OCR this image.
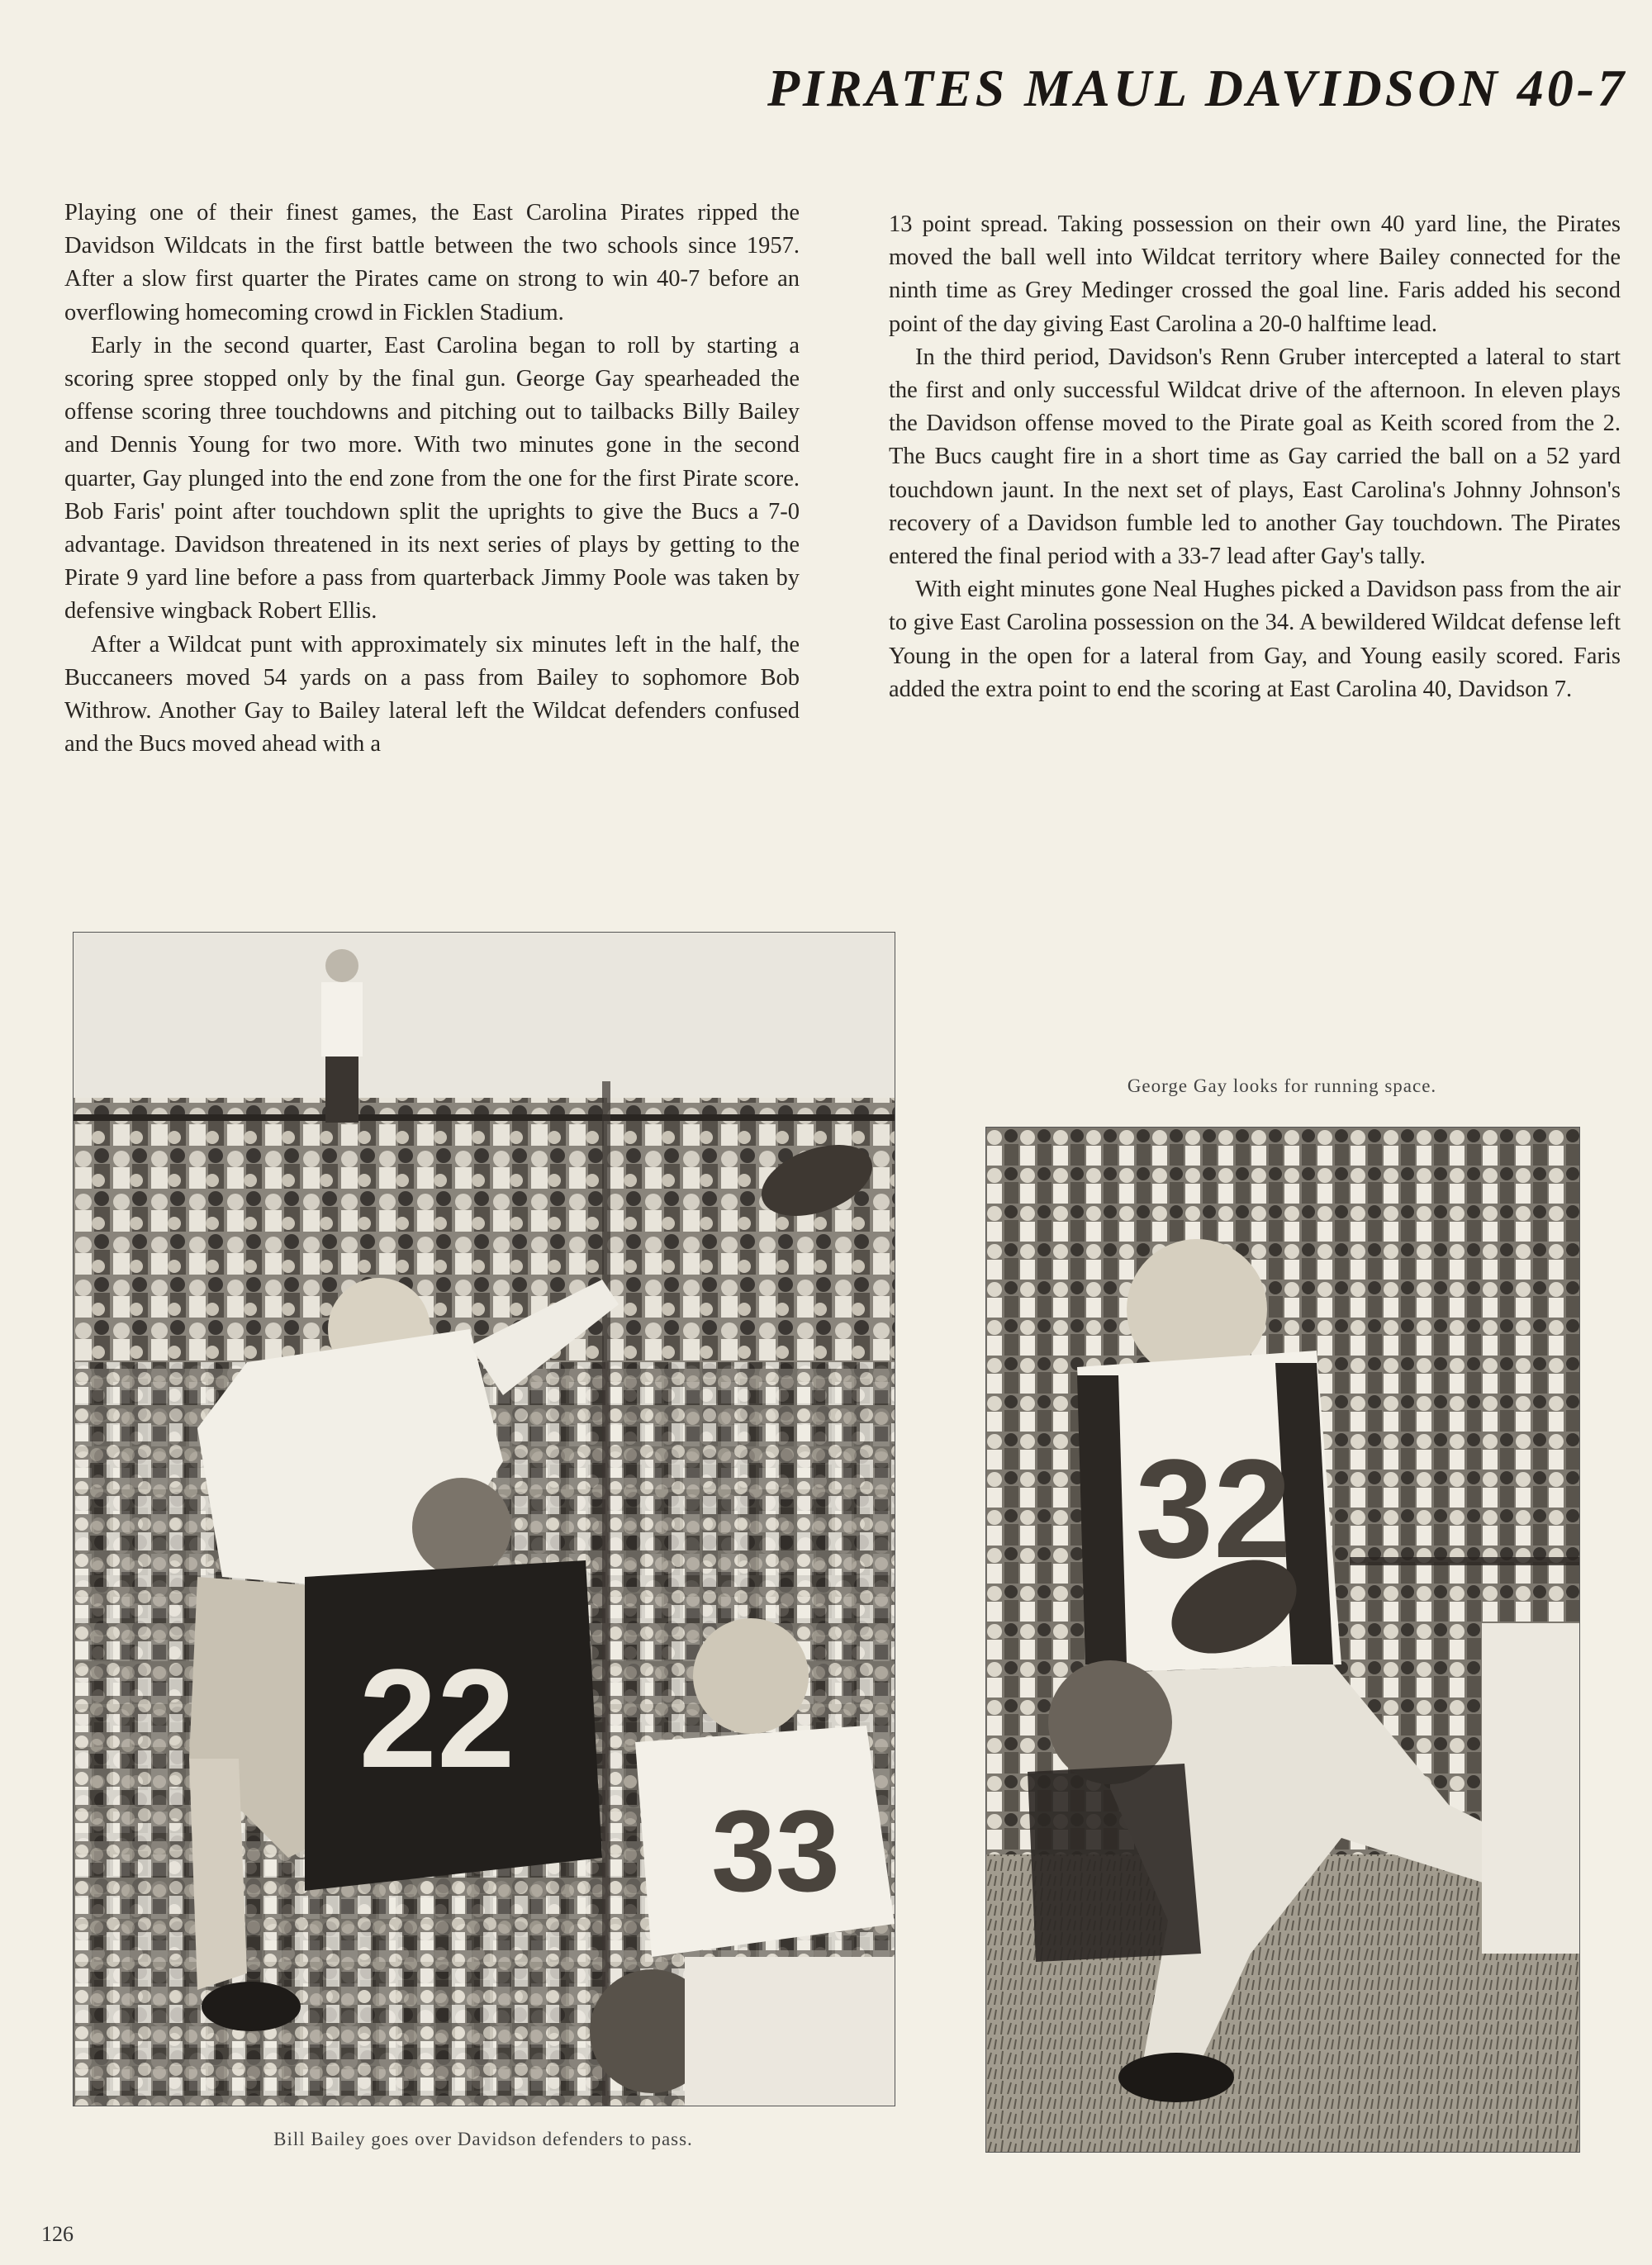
PIRATES MAUL DAVIDSON 40-7

Playing one of their finest games, the East Carolina Pirates ripped the Davidson Wildcats in the first battle between the two schools since 1957. After a slow first quarter the Pirates came on strong to win 40-7 before an overflowing homecoming crowd in Ficklen Stadium.

Early in the second quarter, East Carolina began to roll by starting a scoring spree stopped only by the final gun. George Gay spearheaded the offense scoring three touchdowns and pitching out to tailbacks Billy Bailey and Dennis Young for two more. With two minutes gone in the second quarter, Gay plunged into the end zone from the one for the first Pirate score. Bob Faris' point after touchdown split the uprights to give the Bucs a 7-0 advantage. Davidson threatened in its next series of plays by getting to the Pirate 9 yard line before a pass from quarterback Jimmy Poole was taken by defensive wingback Robert Ellis.

After a Wildcat punt with approximately six minutes left in the half, the Buccaneers moved 54 yards on a pass from Bailey to sophomore Bob Withrow. Another Gay to Bailey lateral left the Wildcat defenders confused and the Bucs moved ahead with a

13 point spread. Taking possession on their own 40 yard line, the Pirates moved the ball well into Wildcat territory where Bailey connected for the ninth time as Grey Medinger crossed the goal line. Faris added his second point of the day giving East Carolina a 20-0 halftime lead.

In the third period, Davidson's Renn Gruber intercepted a lateral to start the first and only successful Wildcat drive of the afternoon. In eleven plays the Davidson offense moved to the Pirate goal as Keith scored from the 2. The Bucs caught fire in a short time as Gay carried the ball on a 52 yard touchdown jaunt. In the next set of plays, East Carolina's Johnny Johnson's recovery of a Davidson fumble led to another Gay touchdown. The Pirates entered the final period with a 33-7 lead after Gay's tally.

With eight minutes gone Neal Hughes picked a Davidson pass from the air to give East Carolina possession on the 34. A bewildered Wildcat defense left Young in the open for a lateral from Gay, and Young easily scored. Faris added the extra point to end the scoring at East Carolina 40, Davidson 7.

22
33
Bill Bailey goes over Davidson defenders to pass.
George Gay looks for running space.
32
126
